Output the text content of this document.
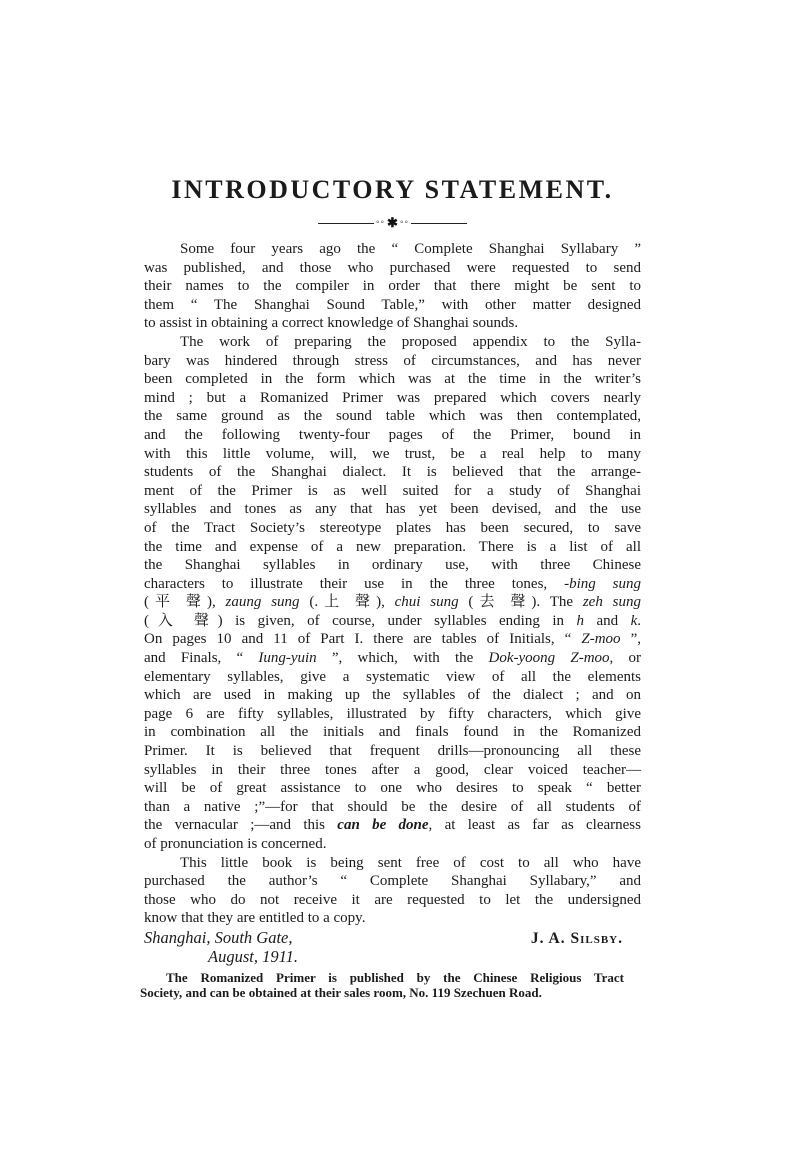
INTRODUCTORY STATEMENT.
◦◦ ✱ ◦◦
Some four years ago the “ Complete Shanghai Syllabary ”
was published, and those who purchased were requested to send
their names to the compiler in order that there might be sent to
them “ The Shanghai Sound Table,” with other matter designed
to assist in obtaining a correct knowledge of Shanghai sounds.
The work of preparing the proposed appendix to the Sylla-
bary was hindered through stress of circumstances, and has never
been completed in the form which was at the time in the writer’s
mind ; but a Romanized Primer was prepared which covers nearly
the same ground as the sound table which was then contemplated,
and the following twenty-four pages of the Primer, bound in
with this little volume, will, we trust, be a real help to many
students of the Shanghai dialect. It is believed that the arrange-
ment of the Primer is as well suited for a study of Shanghai
syllables and tones as any that has yet been devised, and the use
of the Tract Society’s stereotype plates has been secured, to save
the time and expense of a new preparation. There is a list of all
the Shanghai syllables in ordinary use, with three Chinese
characters to illustrate their use in the three tones, -bing sung
(平 聲), zaung sung (.上 聲), chui sung (去 聲). The zeh sung
(入 聲) is given, of course, under syllables ending in h and k.
On pages 10 and 11 of Part I. there are tables of Initials, “ Z-moo ”,
and Finals, “ Iung-yuin ”, which, with the Dok-yoong Z-moo, or
elementary syllables, give a systematic view of all the elements
which are used in making up the syllables of the dialect ; and on
page 6 are fifty syllables, illustrated by fifty characters, which give
in combination all the initials and finals found in the Romanized
Primer. It is believed that frequent drills—pronouncing all these
syllables in their three tones after a good, clear voiced teacher—
will be of great assistance to one who desires to speak “ better
than a native ;”—for that should be the desire of all students of
the vernacular ;—and this can be done, at least as far as clearness
of pronunciation is concerned.
This little book is being sent free of cost to all who have
purchased the author’s “ Complete Shanghai Syllabary,” and
those who do not receive it are requested to let the undersigned
know that they are entitled to a copy.
Shanghai, South Gate,	J. A. Silsby.
August, 1911.
The Romanized Primer is published by the Chinese Religious Tract
Society, and can be obtained at their sales room, No. 119 Szechuen Road.
